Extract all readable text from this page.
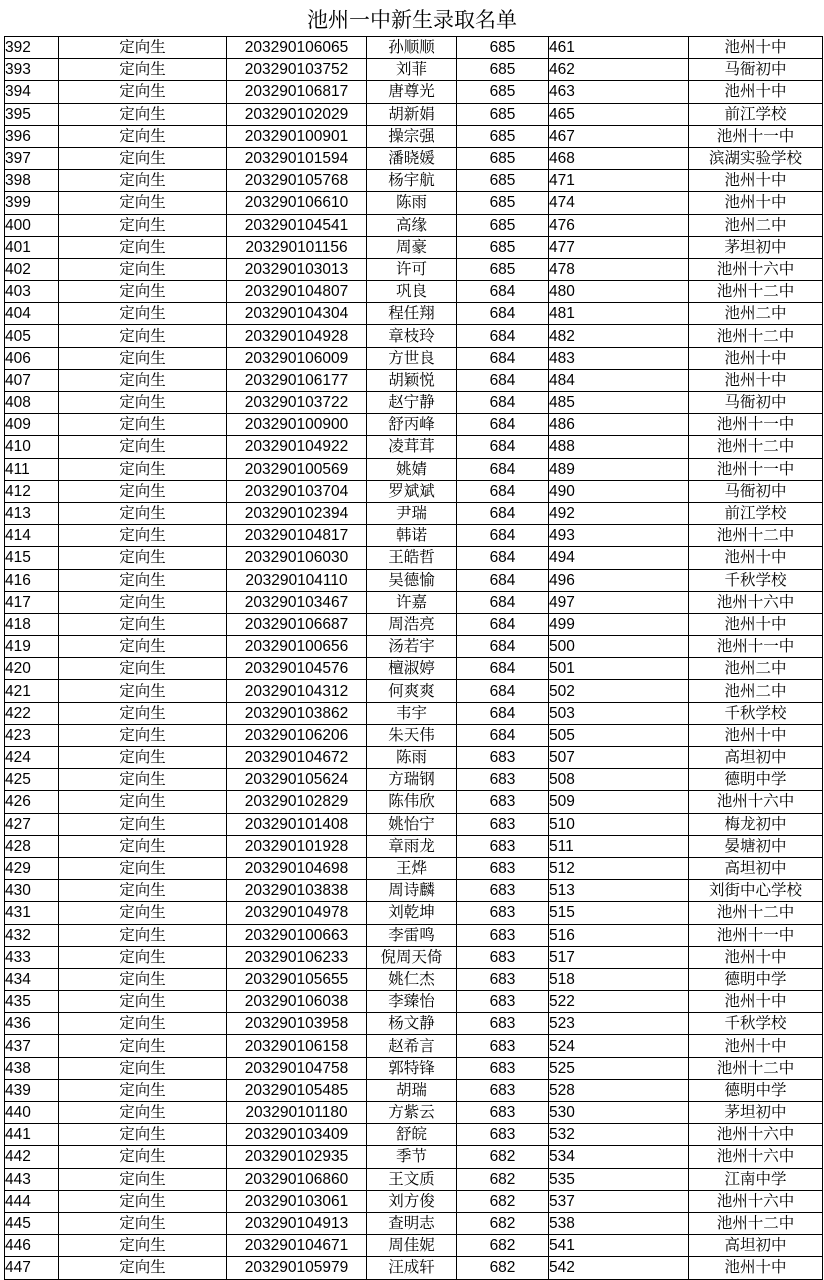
池州一中新生录取名单
392	定向生	203290106065	孙顺顺	685	461	池州十中
393	定向生	203290103752	刘菲	685	462	马衙初中
394	定向生	203290106817	唐尊光	685	463	池州十中
395	定向生	203290102029	胡新娟	685	465	前江学校
396	定向生	203290100901	操宗强	685	467	池州十一中
397	定向生	203290101594	潘晓媛	685	468	滨湖实验学校
398	定向生	203290105768	杨宇航	685	471	池州十中
399	定向生	203290106610	陈雨	685	474	池州十中
400	定向生	203290104541	高缘	685	476	池州二中
401	定向生	203290101156	周豪	685	477	茅坦初中
402	定向生	203290103013	许可	685	478	池州十六中
403	定向生	203290104807	巩良	684	480	池州十二中
404	定向生	203290104304	程任翔	684	481	池州二中
405	定向生	203290104928	章枝玲	684	482	池州十二中
406	定向生	203290106009	方世良	684	483	池州十中
407	定向生	203290106177	胡颖悦	684	484	池州十中
408	定向生	203290103722	赵宁静	684	485	马衙初中
409	定向生	203290100900	舒丙峰	684	486	池州十一中
410	定向生	203290104922	凌茸茸	684	488	池州十二中
411	定向生	203290100569	姚婧	684	489	池州十一中
412	定向生	203290103704	罗斌斌	684	490	马衙初中
413	定向生	203290102394	尹瑞	684	492	前江学校
414	定向生	203290104817	韩诺	684	493	池州十二中
415	定向生	203290106030	王皓哲	684	494	池州十中
416	定向生	203290104110	吴德愉	684	496	千秋学校
417	定向生	203290103467	许嘉	684	497	池州十六中
418	定向生	203290106687	周浩亮	684	499	池州十中
419	定向生	203290100656	汤若宇	684	500	池州十一中
420	定向生	203290104576	檀淑婷	684	501	池州二中
421	定向生	203290104312	何爽爽	684	502	池州二中
422	定向生	203290103862	韦宇	684	503	千秋学校
423	定向生	203290106206	朱天伟	684	505	池州十中
424	定向生	203290104672	陈雨	683	507	高坦初中
425	定向生	203290105624	方瑞钢	683	508	德明中学
426	定向生	203290102829	陈伟欣	683	509	池州十六中
427	定向生	203290101408	姚怡宁	683	510	梅龙初中
428	定向生	203290101928	章雨龙	683	511	晏塘初中
429	定向生	203290104698	王烨	683	512	高坦初中
430	定向生	203290103838	周诗麟	683	513	刘街中心学校
431	定向生	203290104978	刘乾坤	683	515	池州十二中
432	定向生	203290100663	李雷鸣	683	516	池州十一中
433	定向生	203290106233	倪周天倚	683	517	池州十中
434	定向生	203290105655	姚仁杰	683	518	德明中学
435	定向生	203290106038	李臻怡	683	522	池州十中
436	定向生	203290103958	杨文静	683	523	千秋学校
437	定向生	203290106158	赵希言	683	524	池州十中
438	定向生	203290104758	郭特锋	683	525	池州十二中
439	定向生	203290105485	胡瑞	683	528	德明中学
440	定向生	203290101180	方紫云	683	530	茅坦初中
441	定向生	203290103409	舒皖	683	532	池州十六中
442	定向生	203290102935	季节	682	534	池州十六中
443	定向生	203290106860	王文质	682	535	江南中学
444	定向生	203290103061	刘方俊	682	537	池州十六中
445	定向生	203290104913	查明志	682	538	池州十二中
446	定向生	203290104671	周佳妮	682	541	高坦初中
447	定向生	203290105979	汪成轩	682	542	池州十中
